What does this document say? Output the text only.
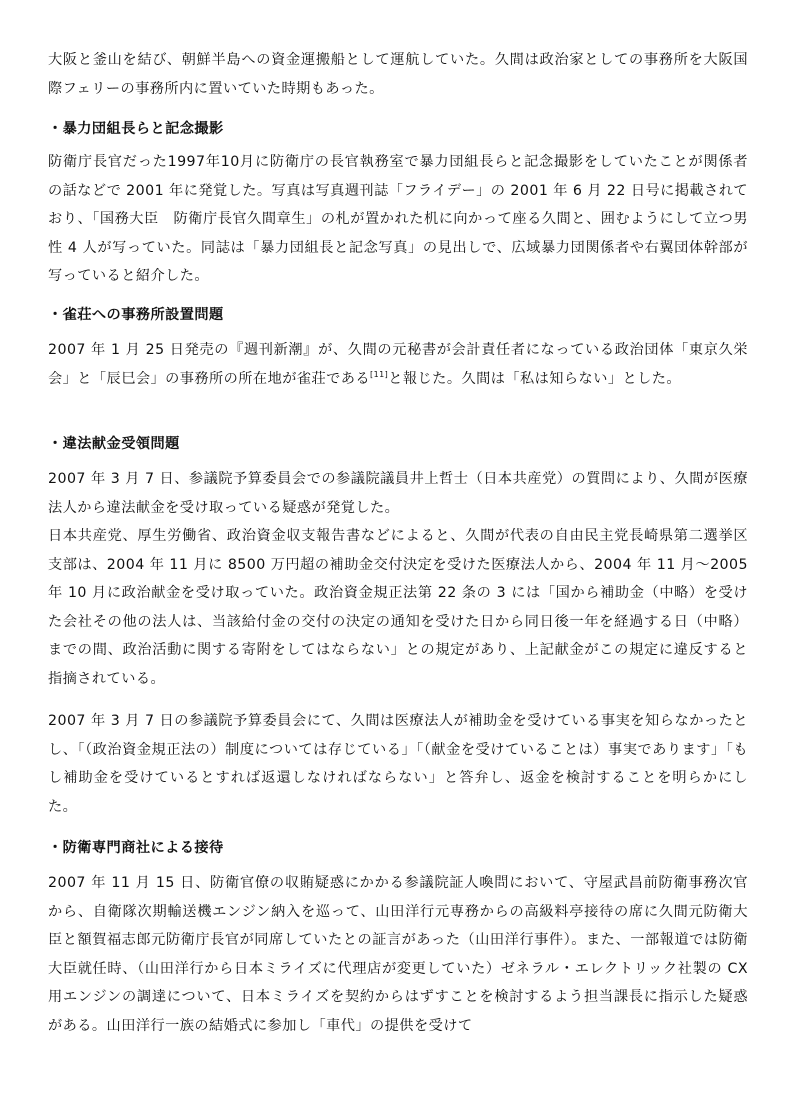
大阪と釜山を結び、朝鮮半島への資金運搬船として運航していた。久間は政治家としての事務所を大阪国際フェリーの事務所内に置いていた時期もあった。

・暴力団組長らと記念撮影

防衛庁長官だった1997年10月に防衛庁の長官執務室で暴力団組長らと記念撮影をしていたことが関係者の話などで 2001 年に発覚した。写真は写真週刊誌「フライデー」の 2001 年 6 月 22 日号に掲載されており、「国務大臣　防衛庁長官久間章生」の札が置かれた机に向かって座る久間と、囲むようにして立つ男性 4 人が写っていた。同誌は「暴力団組長と記念写真」の見出しで、広域暴力団関係者や右翼団体幹部が写っていると紹介した。

・雀荘への事務所設置問題

2007 年 1 月 25 日発売の『週刊新潮』が、久間の元秘書が会計責任者になっている政治団体「東京久栄会」と「辰巳会」の事務所の所在地が雀荘である[11]と報じた。久間は「私は知らない」とした。

・違法献金受領問題

2007 年 3 月 7 日、参議院予算委員会での参議院議員井上哲士（日本共産党）の質問により、久間が医療法人から違法献金を受け取っている疑惑が発覚した。

日本共産党、厚生労働省、政治資金収支報告書などによると、久間が代表の自由民主党長崎県第二選挙区支部は、2004 年 11 月に 8500 万円超の補助金交付決定を受けた医療法人から、2004 年 11 月～2005 年 10 月に政治献金を受け取っていた。政治資金規正法第 22 条の 3 には「国から補助金（中略）を受けた会社その他の法人は、当該給付金の交付の決定の通知を受けた日から同日後一年を経過する日（中略）までの間、政治活動に関する寄附をしてはならない」との規定があり、上記献金がこの規定に違反すると指摘されている。

2007 年 3 月 7 日の参議院予算委員会にて、久間は医療法人が補助金を受けている事実を知らなかったとし、「（政治資金規正法の）制度については存じている」「（献金を受けていることは）事実であります」「もし補助金を受けているとすれば返還しなければならない」と答弁し、返金を検討することを明らかにした。

・防衛専門商社による接待

2007 年 11 月 15 日、防衛官僚の収賄疑惑にかかる参議院証人喚問において、守屋武昌前防衛事務次官から、自衛隊次期輸送機エンジン納入を巡って、山田洋行元専務からの高級料亭接待の席に久間元防衛大臣と額賀福志郎元防衛庁長官が同席していたとの証言があった（山田洋行事件）。また、一部報道では防衛大臣就任時、（山田洋行から日本ミライズに代理店が変更していた）ゼネラル・エレクトリック社製の CX 用エンジンの調達について、日本ミライズを契約からはずすことを検討するよう担当課長に指示した疑惑がある。山田洋行一族の結婚式に参加し「車代」の提供を受けて
